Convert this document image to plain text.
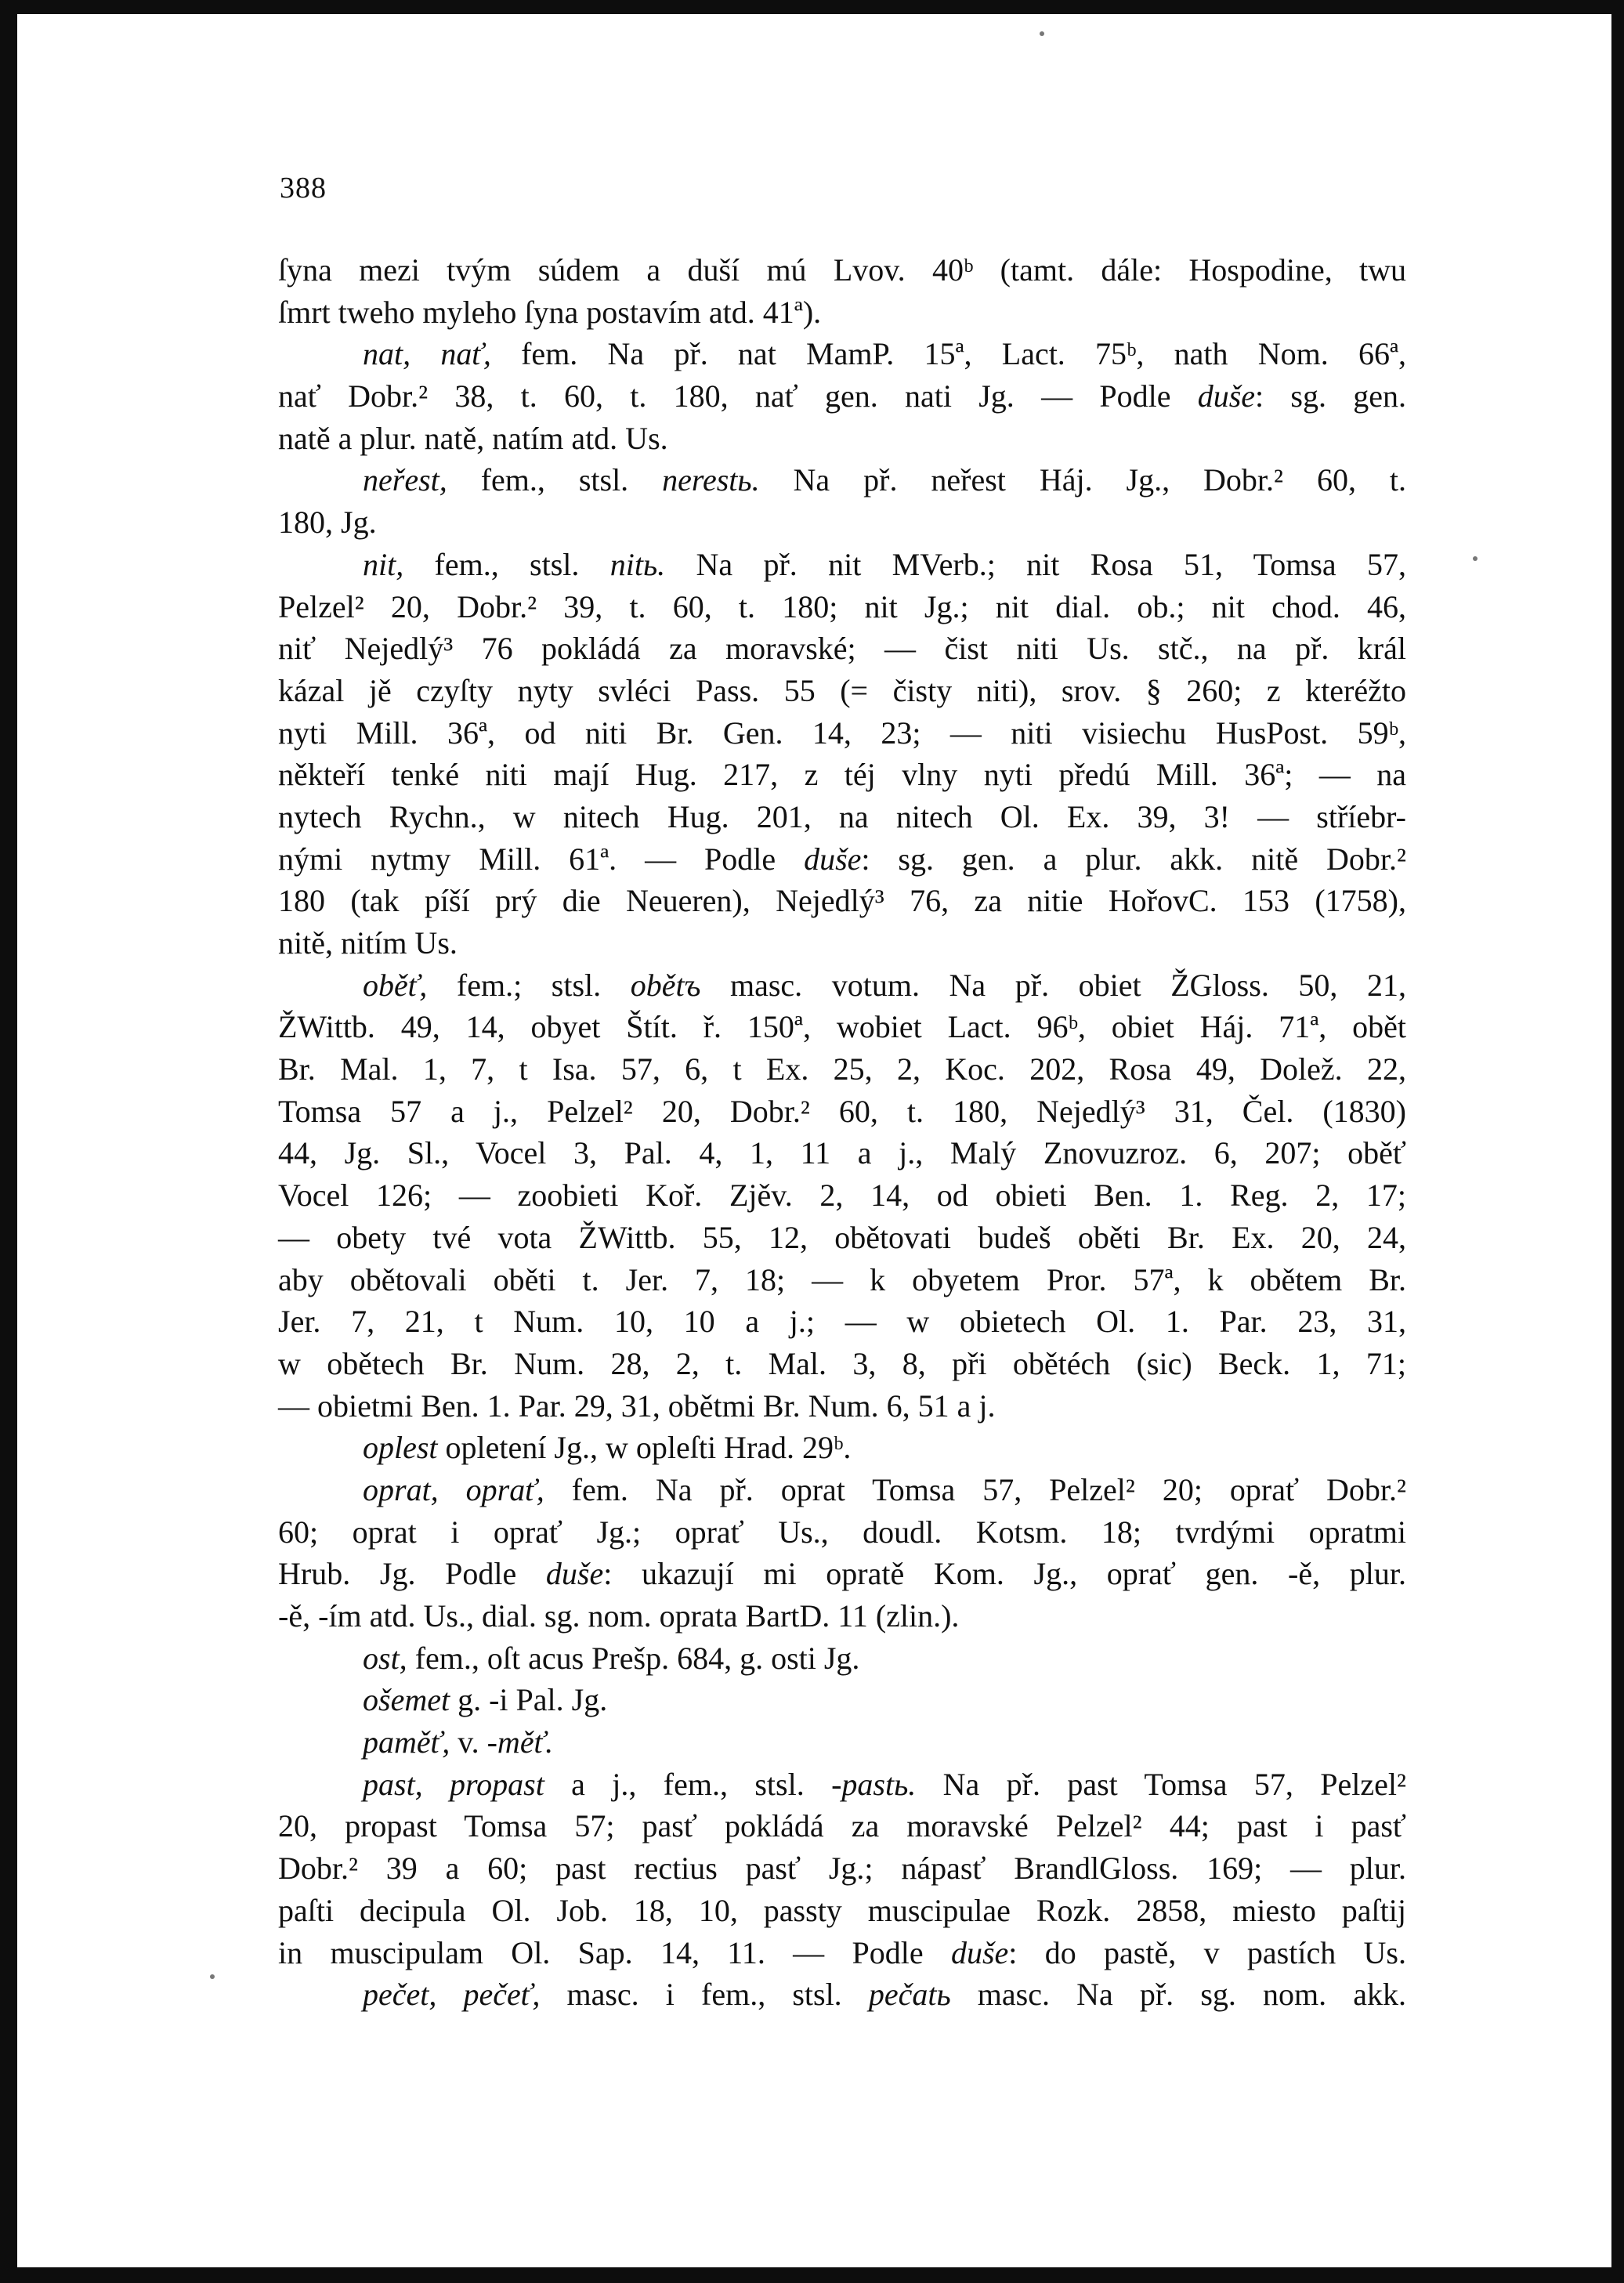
388
ſyna mezi tvým súdem a duší mú Lvov. 40ᵇ (tamt. dále: Hospodine, twu
ſmrt tweho myleho ſyna postavím atd. 41ª).
nat, nať, fem. Na př. nat MamP. 15ª, Lact. 75ᵇ, nath Nom. 66ª,
nať Dobr.² 38, t. 60, t. 180, nať gen. nati Jg. — Podle duše: sg. gen.
natě a plur. natě, natím atd. Us.
neřest, fem., stsl. nerestь. Na př. neřest Háj. Jg., Dobr.² 60, t.
180, Jg.
nit, fem., stsl. nitь. Na př. nit MVerb.; nit Rosa 51, Tomsa 57,
Pelzel² 20, Dobr.² 39, t. 60, t. 180; nit Jg.; nit dial. ob.; nit chod. 46,
niť Nejedlý³ 76 pokládá za moravské; — čist niti Us. stč., na př. král
kázal jě czyſty nyty svléci Pass. 55 (= čisty niti), srov. § 260; z kteréžto
nyti Mill. 36ª, od niti Br. Gen. 14, 23; — niti visiechu HusPost. 59ᵇ,
někteří tenké niti mají Hug. 217, z téj vlny nyti předú Mill. 36ª; — na
nytech Rychn., w nitech Hug. 201, na nitech Ol. Ex. 39, 3! — stříebr-
nými nytmy Mill. 61ª. — Podle duše: sg. gen. a plur. akk. nitě Dobr.²
180 (tak píší prý die Neueren), Nejedlý³ 76, za nitie HořovC. 153 (1758),
nitě, nitím Us.
oběť, fem.; stsl. obětъ masc. votum. Na př. obiet ŽGloss. 50, 21,
ŽWittb. 49, 14, obyet Štít. ř. 150ª, wobiet Lact. 96ᵇ, obiet Háj. 71ª, obět
Br. Mal. 1, 7, t Isa. 57, 6, t Ex. 25, 2, Koc. 202, Rosa 49, Dolež. 22,
Tomsa 57 a j., Pelzel² 20, Dobr.² 60, t. 180, Nejedlý³ 31, Čel. (1830)
44, Jg. Sl., Vocel 3, Pal. 4, 1, 11 a j., Malý Znovuzroz. 6, 207; oběť
Vocel 126; — zoobieti Koř. Zjěv. 2, 14, od obieti Ben. 1. Reg. 2, 17;
— obety tvé vota ŽWittb. 55, 12, obětovati budeš oběti Br. Ex. 20, 24,
aby obětovali oběti t. Jer. 7, 18; — k obyetem Pror. 57ª, k obětem Br.
Jer. 7, 21, t Num. 10, 10 a j.; — w obietech Ol. 1. Par. 23, 31,
w obětech Br. Num. 28, 2, t. Mal. 3, 8, při obětéch (sic) Beck. 1, 71;
— obietmi Ben. 1. Par. 29, 31, obětmi Br. Num. 6, 51 a j.
oplest opletení Jg., w opleſti Hrad. 29ᵇ.
oprat, oprať, fem. Na př. oprat Tomsa 57, Pelzel² 20; oprať Dobr.²
60; oprat i oprať Jg.; oprať Us., doudl. Kotsm. 18; tvrdými opratmi
Hrub. Jg. Podle duše: ukazují mi opratě Kom. Jg., oprať gen. -ě, plur.
-ě, -ím atd. Us., dial. sg. nom. oprata BartD. 11 (zlin.).
ost, fem., oſt acus Prešp. 684, g. osti Jg.
ošemet g. -i Pal. Jg.
paměť, v. -měť.
past, propast a j., fem., stsl. -pastь. Na př. past Tomsa 57, Pelzel²
20, propast Tomsa 57; pasť pokládá za moravské Pelzel² 44; past i pasť
Dobr.² 39 a 60; past rectius pasť Jg.; nápasť BrandlGloss. 169; — plur.
paſti decipula Ol. Job. 18, 10, passty muscipulae Rozk. 2858, miesto paſtij
in muscipulam Ol. Sap. 14, 11. — Podle duše: do pastě, v pastích Us.
pečet, pečeť, masc. i fem., stsl. pečatь masc. Na př. sg. nom. akk.
